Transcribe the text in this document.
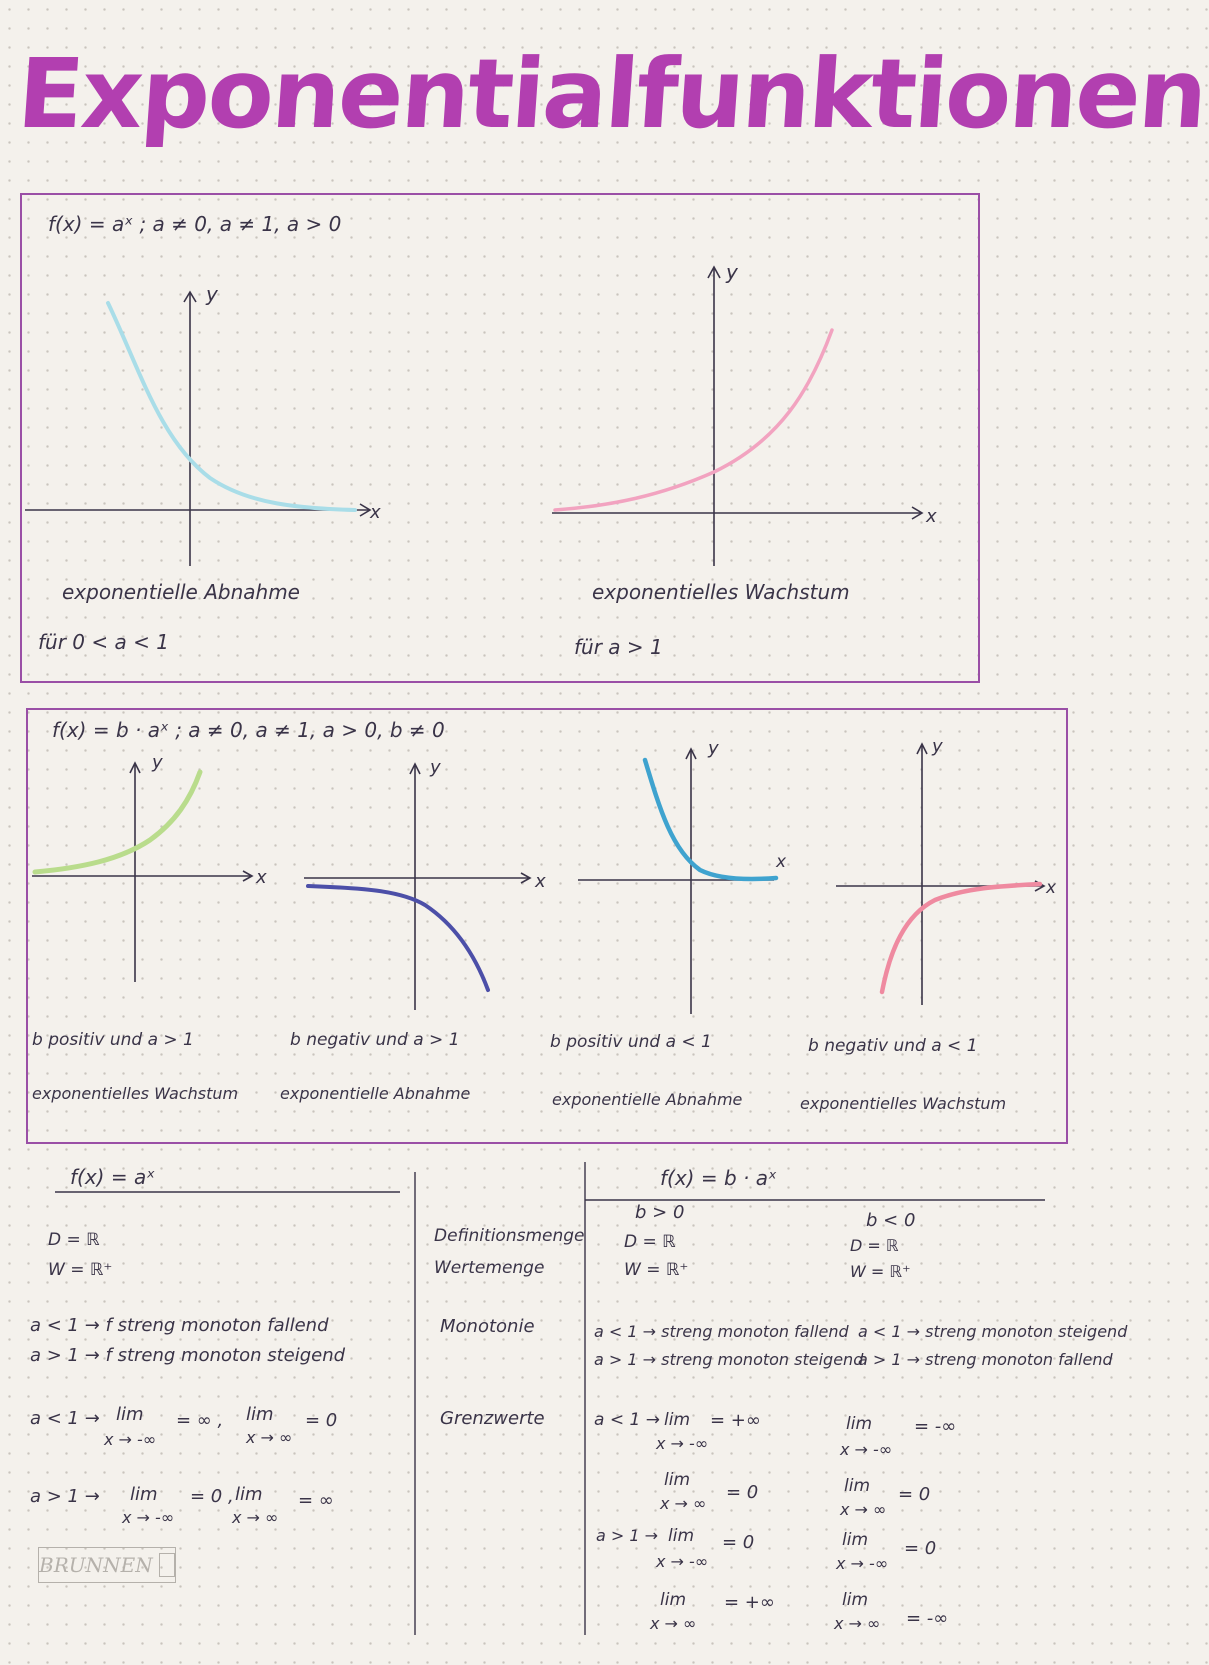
Exponentialfunktionen
f(x) = aˣ ; a ≠ 0, a ≠ 1, a > 0
y
x
y
x
exponentielle Abnahme
für 0 < a < 1
exponentielles Wachstum
für a > 1
f(x) = b · aˣ ; a ≠ 0, a ≠ 1, a > 0, b ≠ 0
y
x
y
x
y
x
y
x
b positiv und a > 1
exponentielles Wachstum
b negativ und a > 1
exponentielle Abnahme
b positiv und a < 1
exponentielle Abnahme
b negativ und a < 1
exponentielles Wachstum
f(x) = aˣ
D = ℝ
W = ℝ⁺
a < 1 → f streng monoton fallend
a > 1 → f streng monoton steigend
a < 1 → lim
x → -∞
= ∞ , lim
x → ∞
= 0
a > 1 → lim
x → -∞
= 0 , lim
x → ∞
= ∞
Definitionsmenge
Wertemenge
Monotonie
Grenzwerte
f(x) = b · aˣ
b > 0
D = ℝ
W = ℝ⁺
a < 1 → streng monoton fallend
a > 1 → streng monoton steigend
a < 1 → lim
x → -∞
= +∞
lim
x → ∞
= 0
a > 1 → lim
x → -∞
= 0
lim
x → ∞
= +∞
b < 0
D = ℝ
W = ℝ⁺
a < 1 → streng monoton steigend
a > 1 → streng monoton fallend
lim
x → -∞
= -∞
lim
x → ∞
= 0
lim
x → -∞
= 0
lim
x → ∞ = -∞
BRUNNEN
